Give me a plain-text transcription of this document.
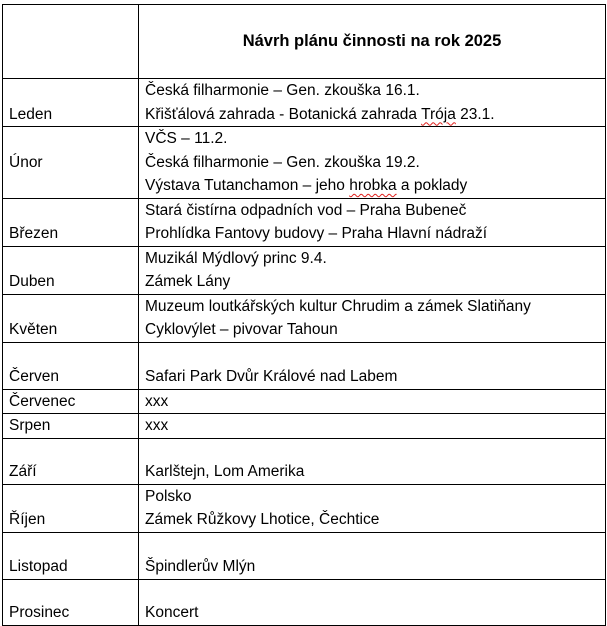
	Návrh plánu činnosti na rok 2025
Leden	Česká filharmonie – Gen. zkouška 16.1.
Křišťálová zahrada - Botanická zahrada Trója 23.1.

Únor	VČS – 11.2.
Česká filharmonie – Gen. zkouška 19.2.
Výstava Tutanchamon – jeho hrobka a poklady

Březen	Stará čistírna odpadních vod – Praha Bubeneč
Prohlídka Fantovy budovy – Praha Hlavní nádraží

Duben	Muzikál Mýdlový princ 9.4.
Zámek Lány

Květen	Muzeum loutkářských kultur Chrudim a zámek Slatiňany
Cyklovýlet – pivovar Tahoun

Červen	Safari Park Dvůr Králové nad Labem

Červenec	xxx

Srpen	xxx

Září	Karlštejn, Lom Amerika

Říjen	Polsko
Zámek Růžkovy Lhotice, Čechtice

Listopad	Špindlerův Mlýn

Prosinec	Koncert
